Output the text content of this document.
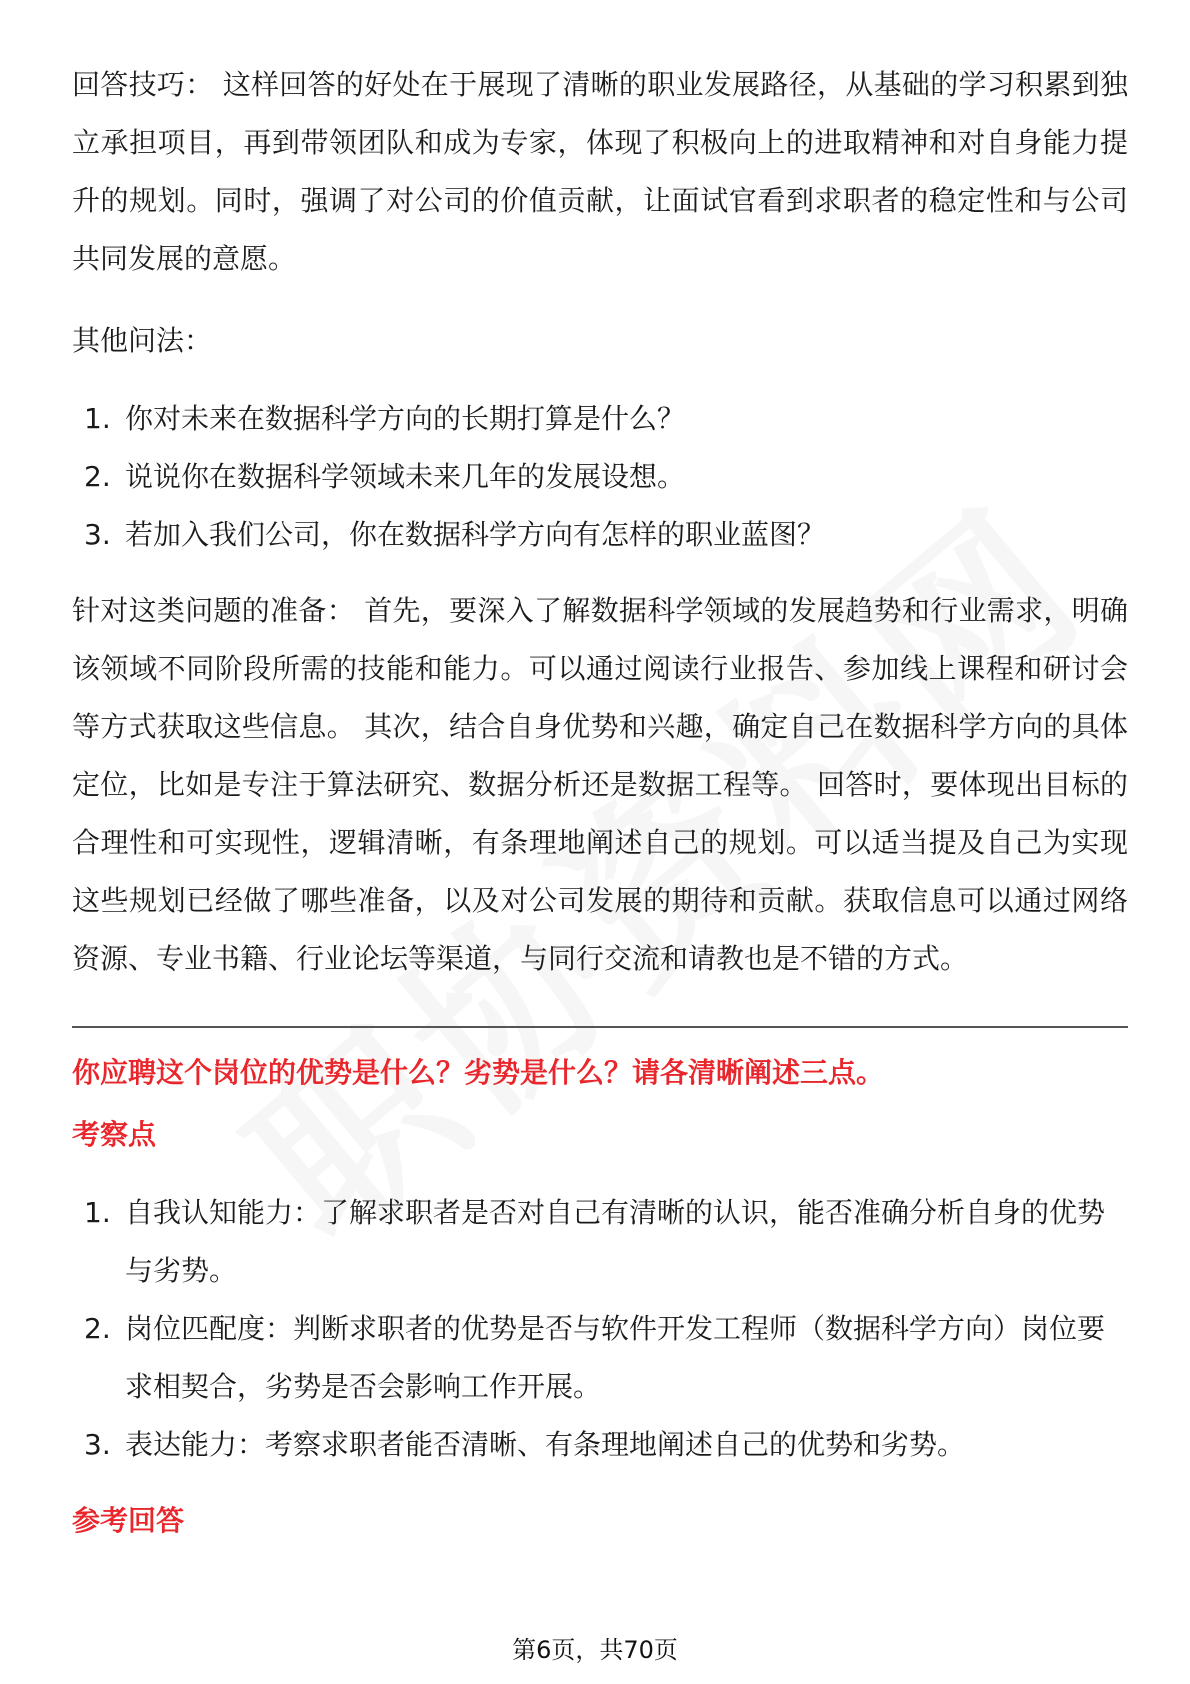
回答技巧： 这样回答的好处在于展现了清晰的职业发展路径，从基础的学习积累到独立承担项目，再到带领团队和成为专家，体现了积极向上的进取精神和对自身能力提升的规划。同时，强调了对公司的价值贡献，让面试官看到求职者的稳定性和与公司共同发展的意愿。

其他问法：

1. 你对未来在数据科学方向的长期打算是什么？
2. 说说你在数据科学领域未来几年的发展设想。
3. 若加入我们公司，你在数据科学方向有怎样的职业蓝图？

针对这类问题的准备： 首先，要深入了解数据科学领域的发展趋势和行业需求，明确该领域不同阶段所需的技能和能力。可以通过阅读行业报告、参加线上课程和研讨会等方式获取这些信息。 其次，结合自身优势和兴趣，确定自己在数据科学方向的具体定位，比如是专注于算法研究、数据分析还是数据工程等。 回答时，要体现出目标的合理性和可实现性，逻辑清晰，有条理地阐述自己的规划。可以适当提及自己为实现这些规划已经做了哪些准备，以及对公司发展的期待和贡献。获取信息可以通过网络资源、专业书籍、行业论坛等渠道，与同行交流和请教也是不错的方式。

你应聘这个岗位的优势是什么？劣势是什么？请各清晰阐述三点。

考察点

1. 自我认知能力：了解求职者是否对自己有清晰的认识，能否准确分析自身的优势与劣势。
2. 岗位匹配度：判断求职者的优势是否与软件开发工程师（数据科学方向）岗位要求相契合，劣势是否会影响工作开展。
3. 表达能力：考察求职者能否清晰、有条理地阐述自己的优势和劣势。

参考回答

第6页，共70页
